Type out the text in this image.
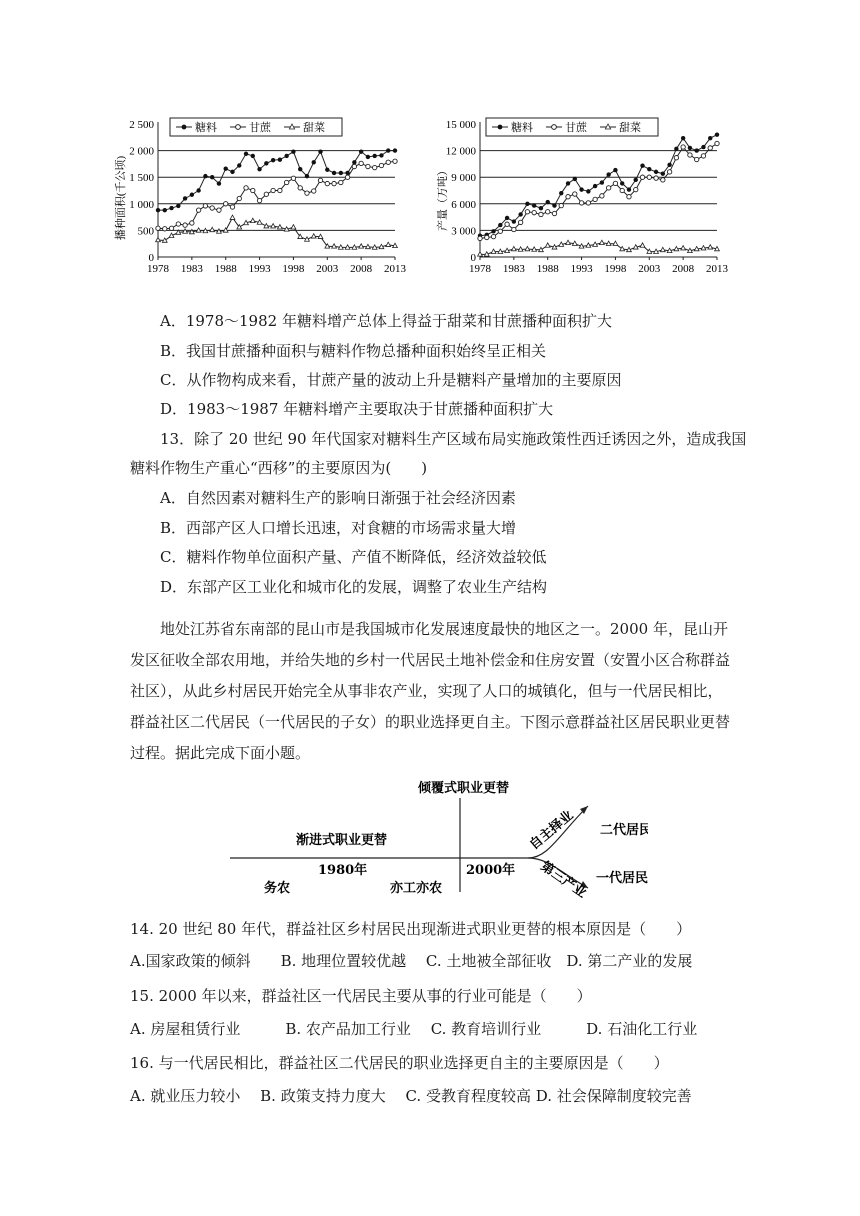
播种面积(千公顷)
2 500
2 000
1 500
1 000
500
0
1978 1983 1988 1993 1998 2003 2008 2013
糖料	甘蔗	甜菜
产量（万吨）
15 000
12 000
9 000
6 000
3 000
0
1978 1983 1988 1993 1998 2003 2008 2013
糖料	甘蔗	甜菜
A．1978～1982 年糖料增产总体上得益于甜菜和甘蔗播种面积扩大
B．我国甘蔗播种面积与糖料作物总播种面积始终呈正相关
C．从作物构成来看，甘蔗产量的波动上升是糖料产量增加的主要原因
D．1983～1987 年糖料增产主要取决于甘蔗播种面积扩大
13．除了 20 世纪 90 年代国家对糖料生产区域布局实施政策性西迁诱因之外，造成我国
糖料作物生产重心“西移”的主要原因为(　　)
A．自然因素对糖料生产的影响日渐强于社会经济因素
B．西部产区人口增长迅速，对食糖的市场需求量大增
C．糖料作物单位面积产量、产值不断降低，经济效益较低
D．东部产区工业化和城市化的发展，调整了农业生产结构
地处江苏省东南部的昆山市是我国城市化发展速度最快的地区之一。2000 年，昆山开
发区征收全部农用地，并给失地的乡村一代居民土地补偿金和住房安置（安置小区合称群益
社区），从此乡村居民开始完全从事非农产业，实现了人口的城镇化，但与一代居民相比，
群益社区二代居民（一代居民的子女）的职业选择更自主。下图示意群益社区居民职业更替
过程。据此完成下面小题。
倾覆式职业更替
渐进式职业更替
1980年	2000年
务农	亦工亦农
自主择业
第三产业
二代居民
一代居民
14. 20 世纪 80 年代，群益社区乡村居民出现渐进式职业更替的根本原因是（　　）
A.国家政策的倾斜　　B. 地理位置较优越　 C. 土地被全部征收　D. 第二产业的发展
15. 2000 年以来，群益社区一代居民主要从事的行业可能是（　　）
A. 房屋租赁行业　　　B. 农产品加工行业　 C. 教育培训行业　　　D. 石油化工行业
16. 与一代居民相比，群益社区二代居民的职业选择更自主的主要原因是（　　）
A. 就业压力较小　 B. 政策支持力度大　 C. 受教育程度较高 D. 社会保障制度较完善
